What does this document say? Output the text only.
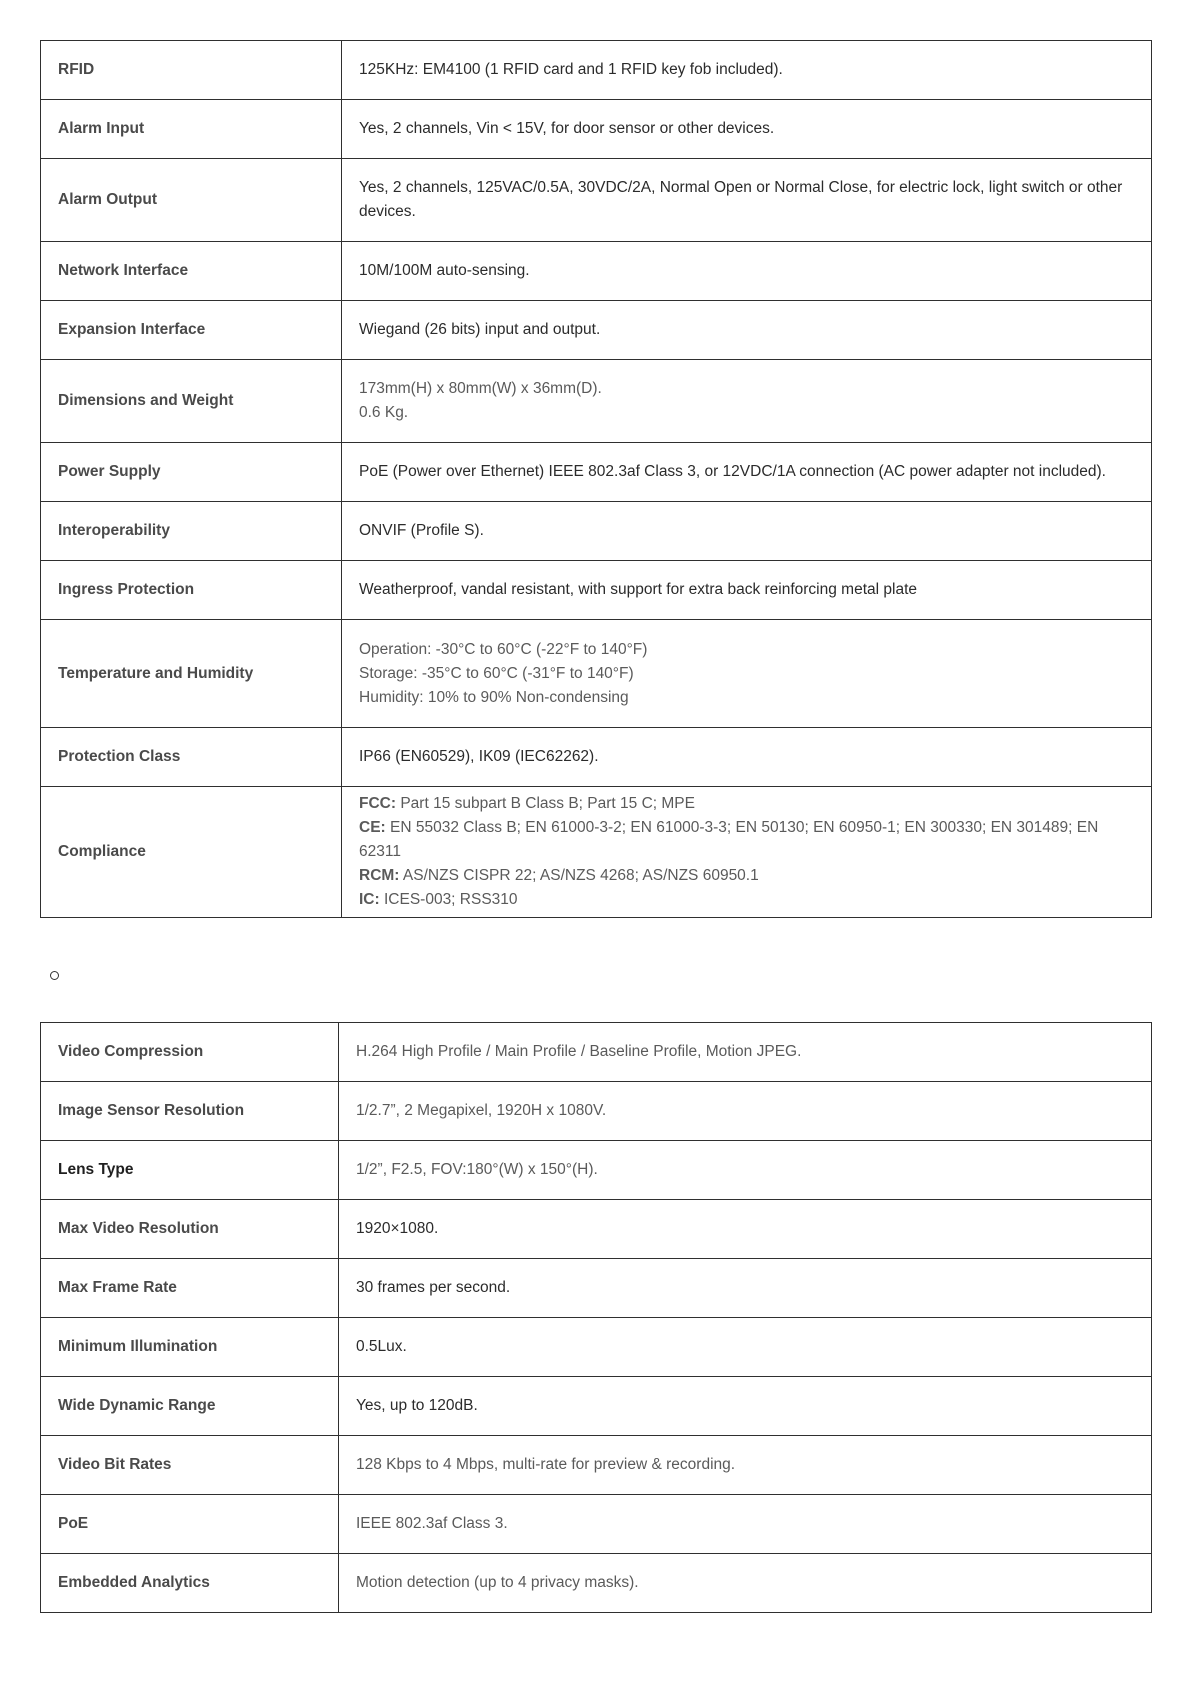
RFID	125KHz: EM4100 (1 RFID card and 1 RFID key fob included).
Alarm Input	Yes, 2 channels, Vin < 15V, for door sensor or other devices.
Alarm Output	Yes, 2 channels, 125VAC/0.5A, 30VDC/2A, Normal Open or Normal Close, for electric lock, light switch or other devices.
Network Interface	10M/100M auto-sensing.
Expansion Interface	Wiegand (26 bits) input and output.
Dimensions and Weight	173mm(H) x 80mm(W) x 36mm(D).
0.6 Kg.

Power Supply	PoE (Power over Ethernet) IEEE 802.3af Class 3, or 12VDC/1A connection (AC power adapter not included).
Interoperability	ONVIF (Profile S).
Ingress Protection	Weatherproof, vandal resistant, with support for extra back reinforcing metal plate
Temperature and Humidity	Operation: -30°C to 60°C (-22°F to 140°F)
Storage: -35°C to 60°C (-31°F to 140°F)
Humidity: 10% to 90% Non-condensing

Protection Class	IP66 (EN60529), IK09 (IEC62262).
Compliance	FCC: Part 15 subpart B Class B; Part 15 C; MPE
CE: EN 55032 Class B; EN 61000-3-2; EN 61000-3-3; EN 50130; EN 60950-1; EN 300330; EN 301489; EN 62311
RCM: AS/NZS CISPR 22; AS/NZS 4268; AS/NZS 60950.1
IC: ICES-003; RSS310
Video Compression	H.264 High Profile / Main Profile / Baseline Profile, Motion JPEG.
Image Sensor Resolution	1/2.7”, 2 Megapixel, 1920H x 1080V.
Lens Type	1/2”, F2.5, FOV:180°(W) x 150°(H).
Max Video Resolution	1920×1080.
Max Frame Rate	30 frames per second.
Minimum Illumination	0.5Lux.
Wide Dynamic Range	Yes, up to 120dB.
Video Bit Rates	128 Kbps to 4 Mbps, multi-rate for preview & recording.
PoE	IEEE 802.3af Class 3.
Embedded Analytics	Motion detection (up to 4 privacy masks).
